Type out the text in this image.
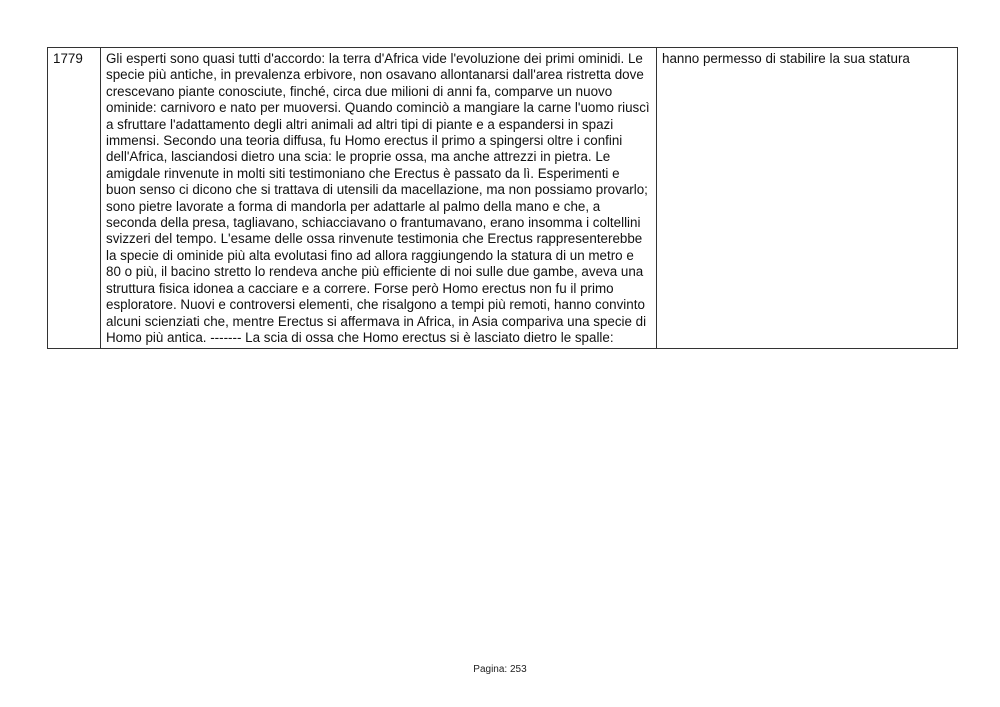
1779	Gli esperti sono quasi tutti d'accordo: la terra d'Africa vide l'evoluzione dei primi ominidi. Le specie più antiche, in prevalenza erbivore, non osavano allontanarsi dall'area ristretta dove crescevano piante conosciute, finché, circa due milioni di anni fa, comparve un nuovo ominide: carnivoro e nato per muoversi. Quando cominciò a mangiare la carne l'uomo riuscì a sfruttare l'adattamento degli altri animali ad altri tipi di piante e a espandersi in spazi immensi. Secondo una teoria diffusa, fu Homo erectus il primo a spingersi oltre i confini dell'Africa, lasciandosi dietro una scia: le proprie ossa, ma anche attrezzi in pietra. Le amigdale rinvenute in molti siti testimoniano che Erectus è passato da lì. Esperimenti e buon senso ci dicono che si trattava di utensili da macellazione, ma non possiamo provarlo; sono pietre lavorate a forma di mandorla per adattarle al palmo della mano e che, a seconda della presa, tagliavano, schiacciavano o frantumavano, erano insomma i coltellini svizzeri del tempo. L'esame delle ossa rinvenute testimonia che Erectus rappresenterebbe la specie di ominide più alta evolutasi fino ad allora raggiungendo la statura di un metro e 80 o più, il bacino stretto lo rendeva anche più efficiente di noi sulle due gambe, aveva una struttura fisica idonea a cacciare e a correre. Forse però Homo erectus non fu il primo esploratore. Nuovi e controversi elementi, che risalgono a tempi più remoti, hanno convinto alcuni scienziati che, mentre Erectus si affermava in Africa, in Asia compariva una specie di Homo più antica. ------- La scia di ossa che Homo erectus si è lasciato dietro le spalle:	hanno permesso di stabilire la sua statura
Pagina: 253
